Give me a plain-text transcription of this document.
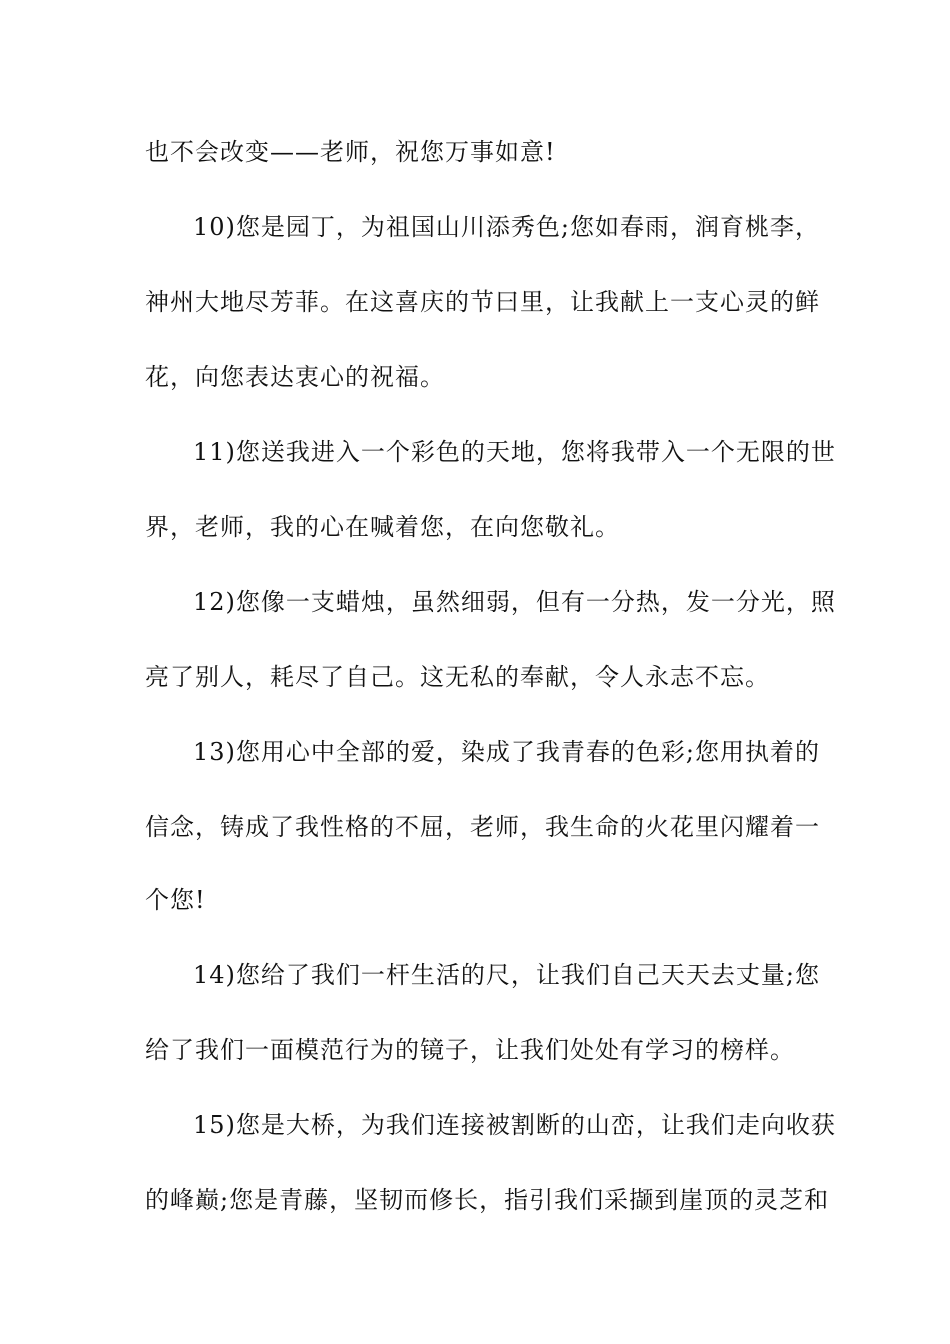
也不会改变——老师，祝您万事如意!
10)您是园丁，为祖国山川添秀色;您如春雨，润育桃李，
神州大地尽芳菲。在这喜庆的节曰里，让我献上一支心灵的鲜
花，向您表达衷心的祝福。
11)您送我进入一个彩色的天地，您将我带入一个无限的世
界，老师，我的心在喊着您，在向您敬礼。
12)您像一支蜡烛，虽然细弱，但有一分热，发一分光，照
亮了别人，耗尽了自己。这无私的奉献，令人永志不忘。
13)您用心中全部的爱，染成了我青春的色彩;您用执着的
信念，铸成了我性格的不屈，老师，我生命的火花里闪耀着一
个您!
14)您给了我们一杆生活的尺，让我们自己天天去丈量;您
给了我们一面模范行为的镜子，让我们处处有学习的榜样。
15)您是大桥，为我们连接被割断的山峦，让我们走向收获
的峰巅;您是青藤，坚韧而修长，指引我们采撷到崖顶的灵芝和
